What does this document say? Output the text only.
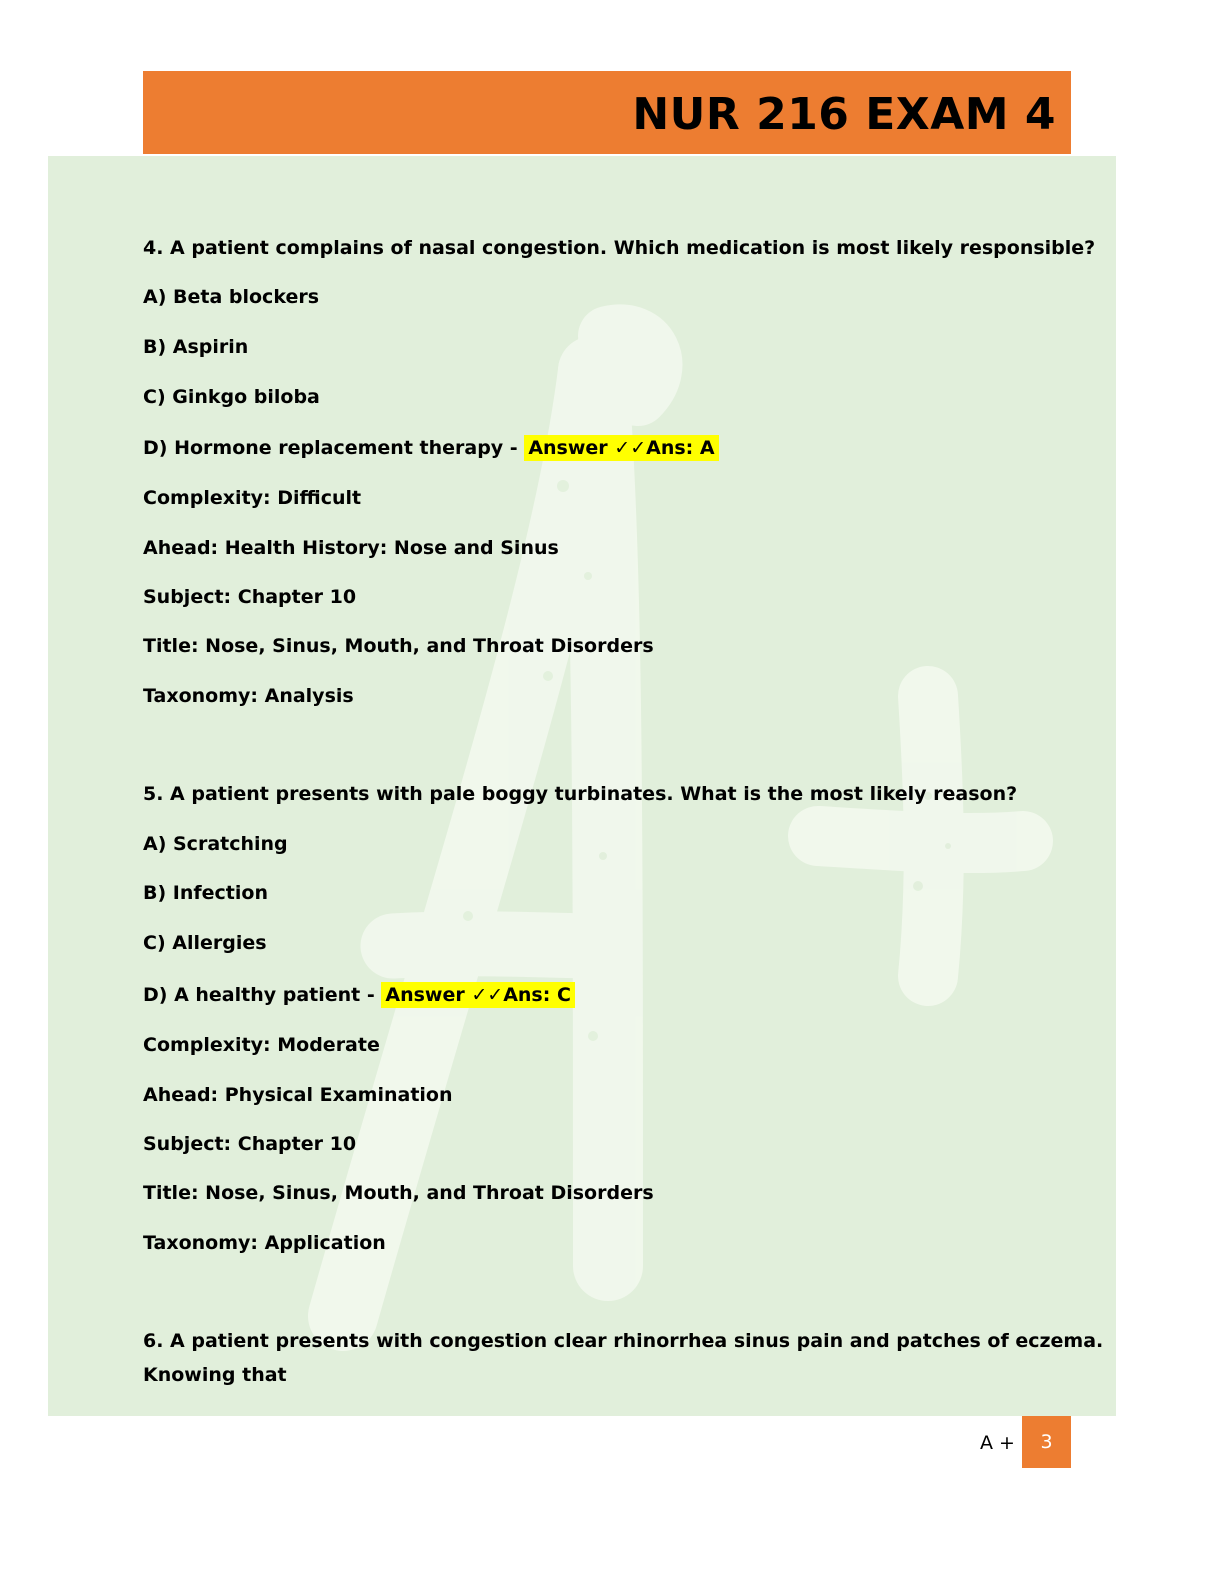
NUR 216 EXAM 4
4. A patient complains of nasal congestion. Which medication is most likely responsible?
A) Beta blockers
B) Aspirin
C) Ginkgo biloba
D) Hormone replacement therapy - Answer ✓✓Ans: A
Complexity: Difficult
Ahead: Health History: Nose and Sinus
Subject: Chapter 10
Title: Nose, Sinus, Mouth, and Throat Disorders
Taxonomy: Analysis
5. A patient presents with pale boggy turbinates. What is the most likely reason?
A) Scratching
B) Infection
C) Allergies
D) A healthy patient - Answer ✓✓Ans: C
Complexity: Moderate
Ahead: Physical Examination
Subject: Chapter 10
Title: Nose, Sinus, Mouth, and Throat Disorders
Taxonomy: Application
6. A patient presents with congestion clear rhinorrhea sinus pain and patches of eczema.
Knowing that
A +	3
